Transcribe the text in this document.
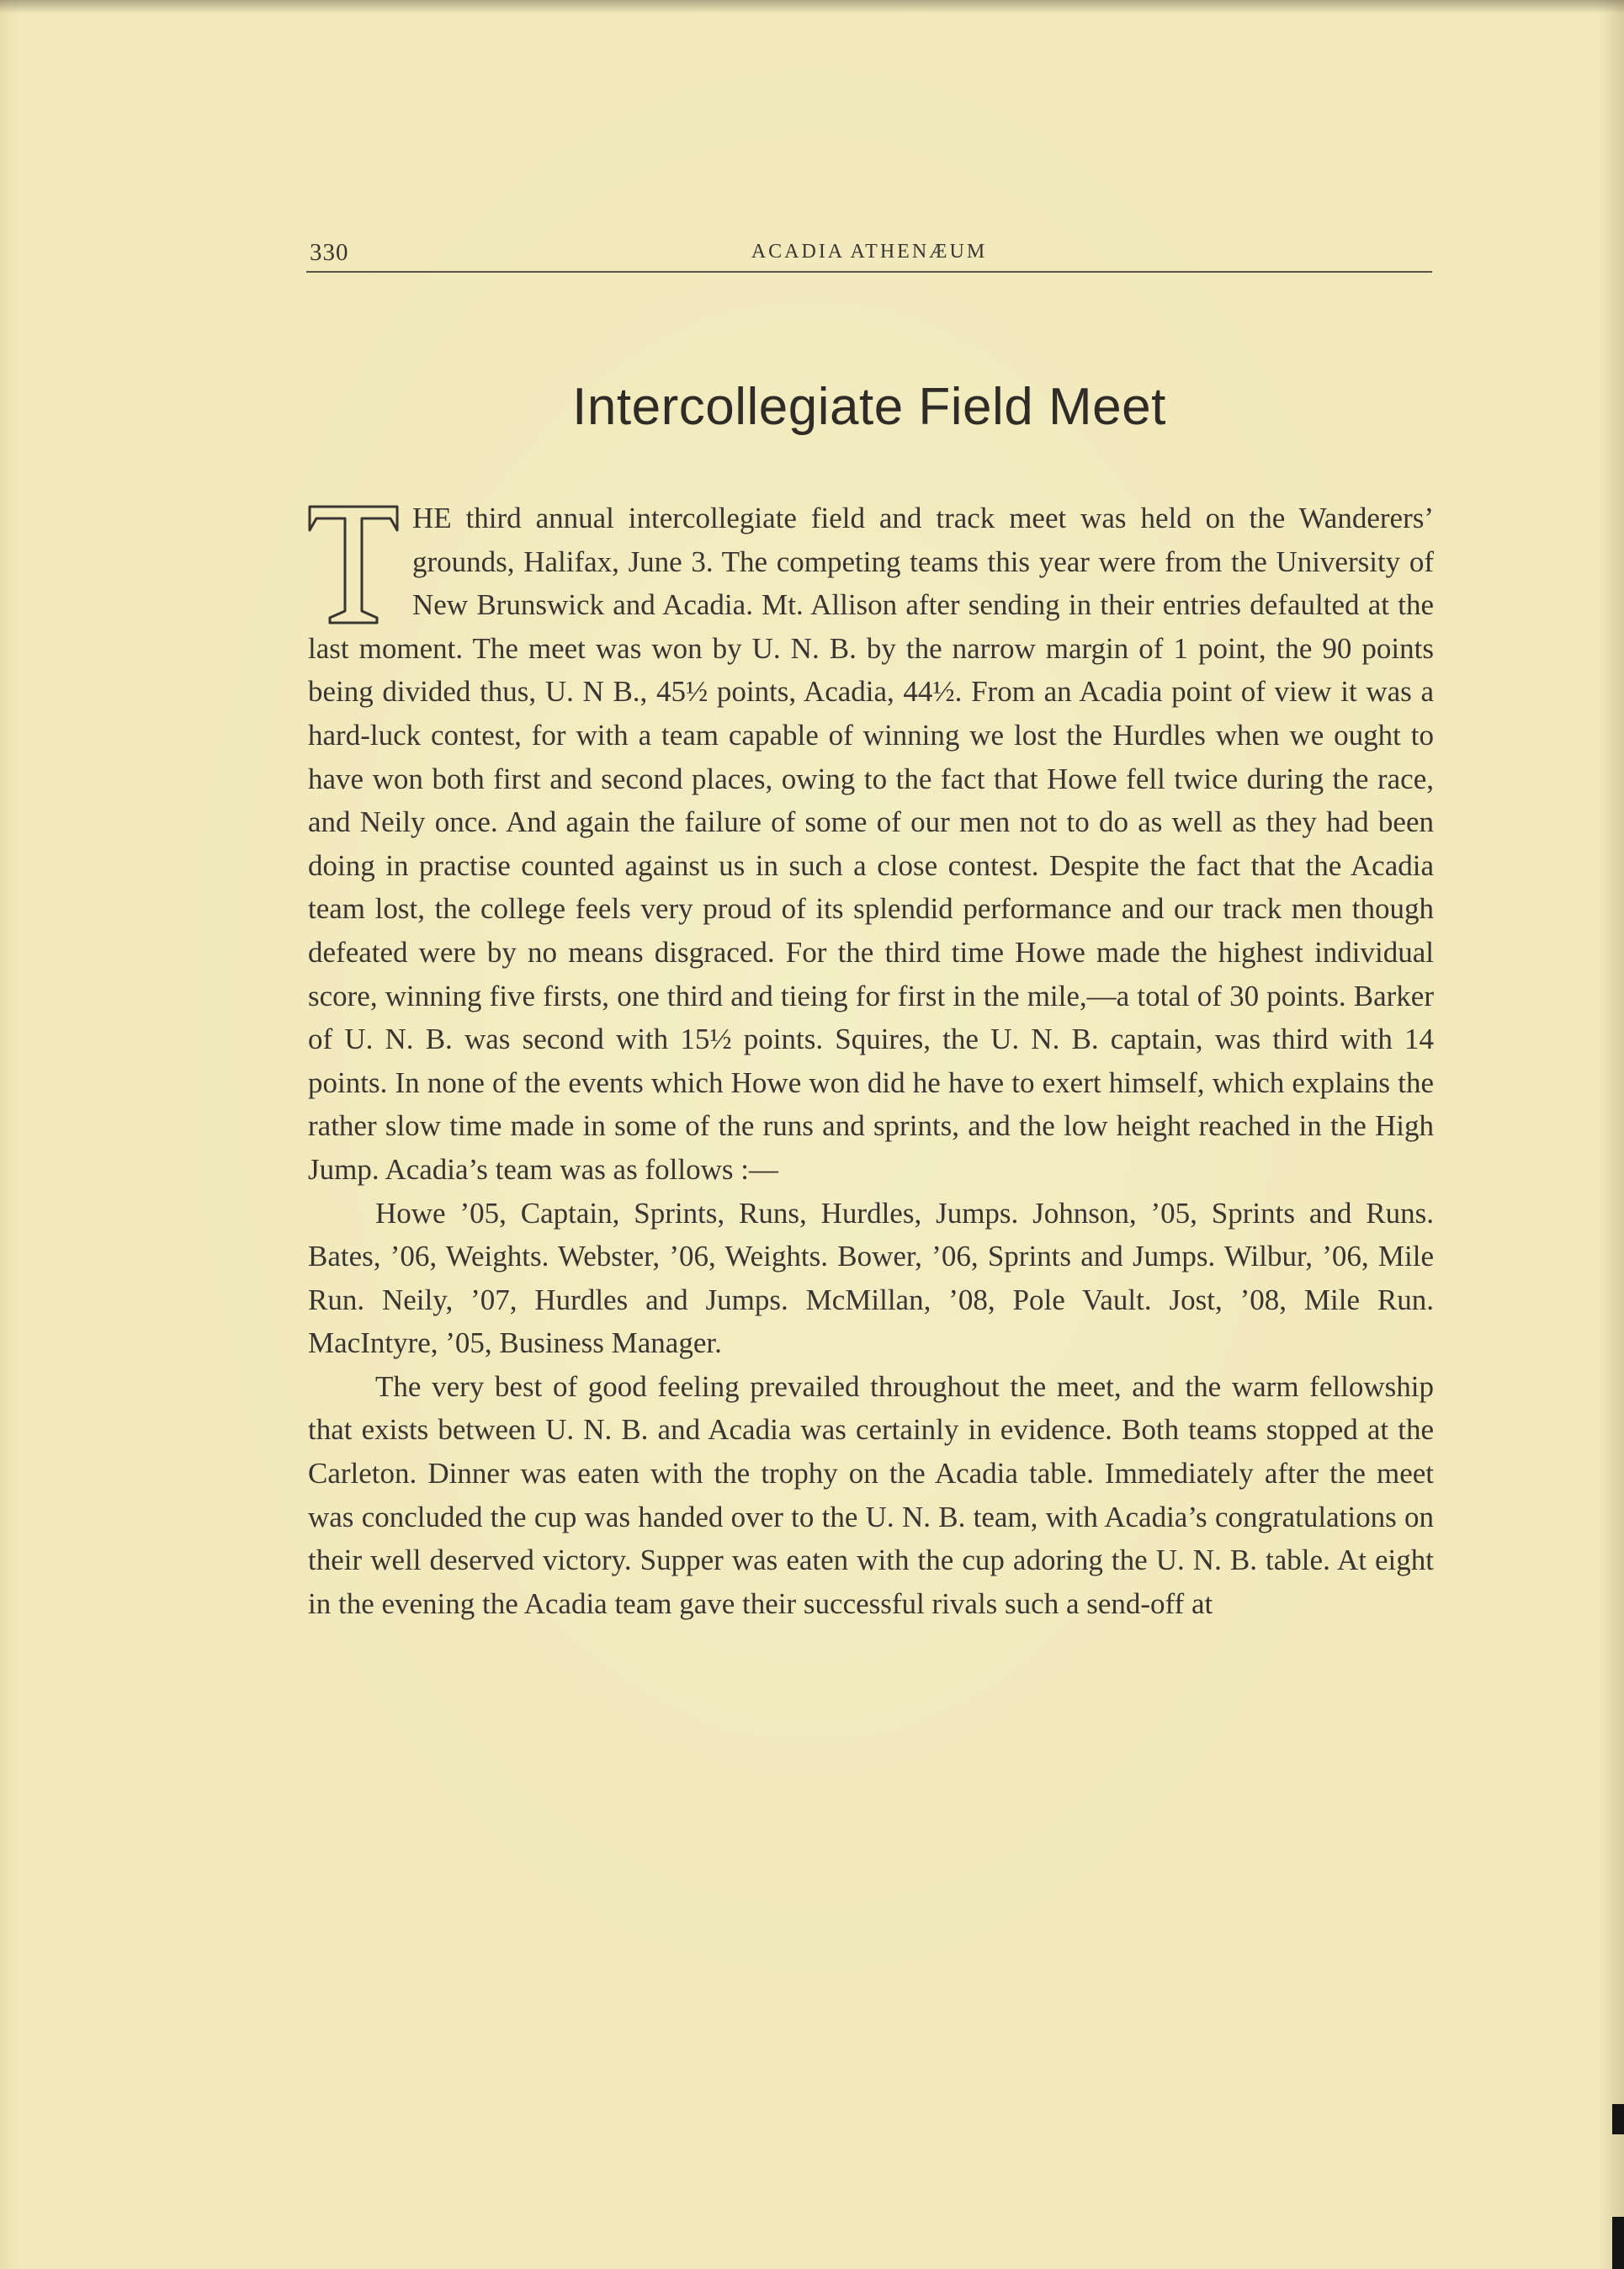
330	ACADIA ATHENÆUM
Intercollegiate Field Meet

HE third annual intercollegiate field and track meet was held on the Wanderers’ grounds, Halifax, June 3. The competing teams this year were from the University of New Brunswick and Acadia. Mt. Allison after sending in their entries defaulted at the last moment. The meet was won by U. N. B. by the narrow margin of 1 point, the 90 points being divided thus, U. N B., 45½ points, Acadia, 44½. From an Acadia point of view it was a hard-luck contest, for with a team capable of winning we lost the Hurdles when we ought to have won both first and second places, owing to the fact that Howe fell twice during the race, and Neily once. And again the failure of some of our men not to do as well as they had been doing in practise counted against us in such a close contest. Despite the fact that the Acadia team lost, the college feels very proud of its splendid performance and our track men though defeated were by no means disgraced. For the third time Howe made the highest individual score, winning five firsts, one third and tieing for first in the mile,—a total of 30 points. Barker of U. N. B. was second with 15½ points. Squires, the U. N. B. captain, was third with 14 points. In none of the events which Howe won did he have to exert himself, which explains the rather slow time made in some of the runs and sprints, and the low height reached in the High Jump. Acadia’s team was as follows :—

Howe ’05, Captain, Sprints, Runs, Hurdles, Jumps. Johnson, ’05, Sprints and Runs. Bates, ’06, Weights. Webster, ’06, Weights. Bower, ’06, Sprints and Jumps. Wilbur, ’06, Mile Run. Neily, ’07, Hurdles and Jumps. McMillan, ’08, Pole Vault. Jost, ’08, Mile Run. MacIntyre, ’05, Business Manager.

The very best of good feeling prevailed throughout the meet, and the warm fellowship that exists between U. N. B. and Acadia was certainly in evidence. Both teams stopped at the Carleton. Dinner was eaten with the trophy on the Acadia table. Immediately after the meet was concluded the cup was handed over to the U. N. B. team, with Acadia’s congratulations on their well deserved victory. Supper was eaten with the cup adoring the U. N. B. table. At eight in the evening the Acadia team gave their successful rivals such a send-off at
